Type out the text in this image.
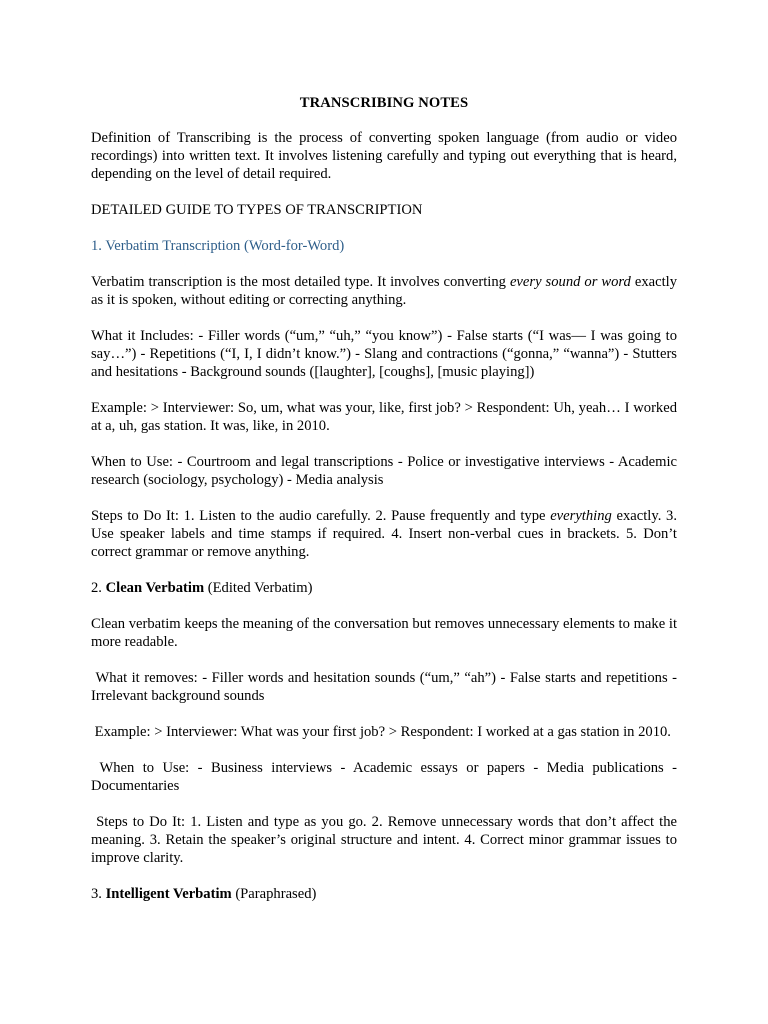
TRANSCRIBING NOTES

Definition of Transcribing is the process of converting spoken language (from audio or video recordings) into written text. It involves listening carefully and typing out everything that is heard, depending on the level of detail required.

DETAILED GUIDE TO TYPES OF TRANSCRIPTION

1. Verbatim Transcription (Word-for-Word)

Verbatim transcription is the most detailed type. It involves converting every sound or word exactly as it is spoken, without editing or correcting anything.

What it Includes: - Filler words (“um,” “uh,” “you know”) - False starts (“I was— I was going to say…”) - Repetitions (“I, I, I didn’t know.”) - Slang and contractions (“gonna,” “wanna”) - Stutters and hesitations - Background sounds ([laughter], [coughs], [music playing])

Example: > Interviewer: So, um, what was your, like, first job? > Respondent: Uh, yeah… I worked at a, uh, gas station. It was, like, in 2010.

When to Use: - Courtroom and legal transcriptions - Police or investigative interviews - Academic research (sociology, psychology) - Media analysis

Steps to Do It: 1. Listen to the audio carefully. 2. Pause frequently and type everything exactly. 3. Use speaker labels and time stamps if required. 4. Insert non-verbal cues in brackets. 5. Don’t correct grammar or remove anything.

2. Clean Verbatim (Edited Verbatim)

Clean verbatim keeps the meaning of the conversation but removes unnecessary elements to make it more readable.

What it removes: - Filler words and hesitation sounds (“um,” “ah”) - False starts and repetitions - Irrelevant background sounds

Example: > Interviewer: What was your first job? > Respondent: I worked at a gas station in 2010.

When to Use: - Business interviews - Academic essays or papers - Media publications - Documentaries

Steps to Do It: 1. Listen and type as you go. 2. Remove unnecessary words that don’t affect the meaning. 3. Retain the speaker’s original structure and intent. 4. Correct minor grammar issues to improve clarity.

3. Intelligent Verbatim (Paraphrased)
